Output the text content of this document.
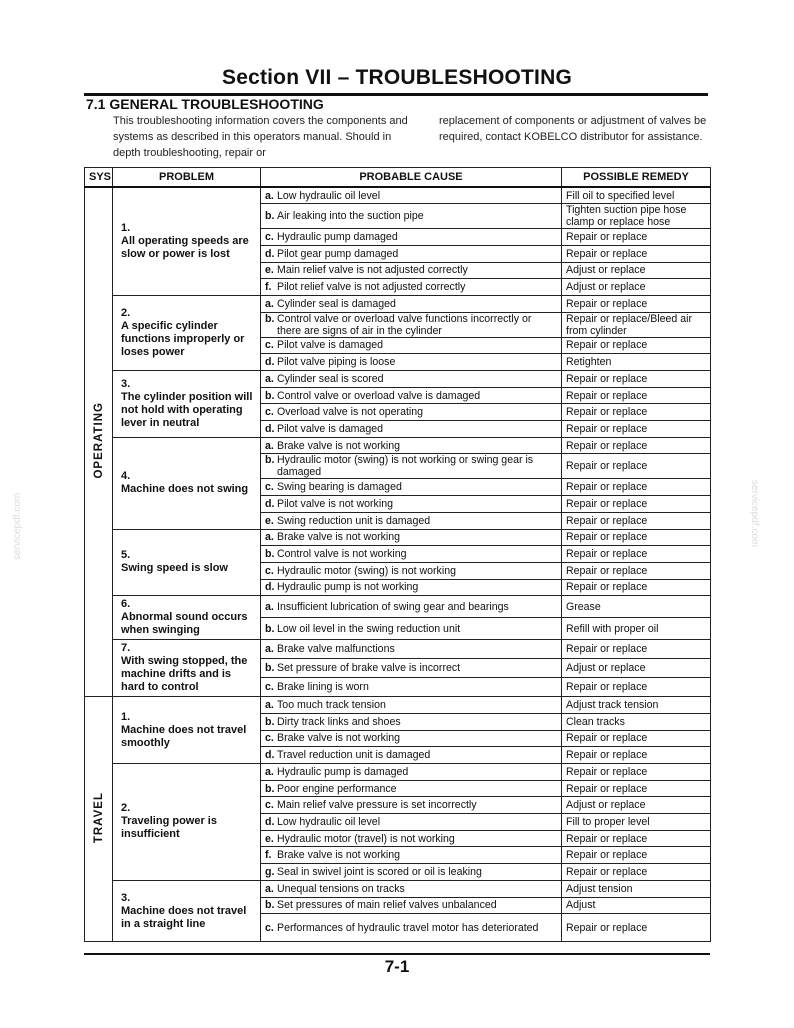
Section VII – TROUBLESHOOTING
7.1 GENERAL TROUBLESHOOTING
This troubleshooting information covers the components and systems as described in this operators manual. Should in depth troubleshooting, repair or
replacement of components or adjustment of valves be required, contact KOBELCO distributor for assistance.
SYS	PROBLEM	PROBABLE CAUSE	POSSIBLE REMEDY
OPERATING	1.All operating speeds are slow or power is lost	a. Low hydraulic oil level	Fill oil to specified level
		b. Air leaking into the suction pipe	Tighten suction pipe hose clamp or replace hose
		c. Hydraulic pump damaged	Repair or replace
		d. Pilot gear pump damaged	Repair or replace
		e. Main relief valve is not adjusted correctly	Adjust or replace
		f. Pilot relief valve is not adjusted correctly	Adjust or replace
	2.A specific cylinder functions improperly or loses power	a. Cylinder seal is damaged	Repair or replace
		b. Control valve or overload valve functions incorrectly or there are signs of air in the cylinder	Repair or replace/Bleed air from cylinder
		c. Pilot valve is damaged	Repair or replace
		d. Pilot valve piping is loose	Retighten
	3.The cylinder position will not hold with operating lever in neutral	a. Cylinder seal is scored	Repair or replace
		b. Control valve or overload valve is damaged	Repair or replace
		c. Overload valve is not operating	Repair or replace
		d. Pilot valve is damaged	Repair or replace
	4.Machine does not swing	a. Brake valve is not working	Repair or replace
		b. Hydraulic motor (swing) is not working or swing gear is damaged	Repair or replace
		c. Swing bearing is damaged	Repair or replace
		d. Pilot valve is not working	Repair or replace
		e. Swing reduction unit is damaged	Repair or replace
	5.Swing speed is slow	a. Brake valve is not working	Repair or replace
		b. Control valve is not working	Repair or replace
		c. Hydraulic motor (swing) is not working	Repair or replace
		d. Hydraulic pump is not working	Repair or replace
	6.Abnormal sound occurs when swinging	a. Insufficient lubrication of swing gear and bearings	Grease
		b. Low oil level in the swing reduction unit	Refill with proper oil
	7.With swing stopped, the machine drifts and is hard to control	a. Brake valve malfunctions	Repair or replace
		b. Set pressure of brake valve is incorrect	Adjust or replace
		c. Brake lining is worn	Repair or replace
TRAVEL	1.Machine does not travel smoothly	a. Too much track tension	Adjust track tension
		b. Dirty track links and shoes	Clean tracks
		c. Brake valve is not working	Repair or replace
		d. Travel reduction unit is damaged	Repair or replace
	2.Traveling power is insufficient	a. Hydraulic pump is damaged	Repair or replace
		b. Poor engine performance	Repair or replace
		c. Main relief valve pressure is set incorrectly	Adjust or replace
		d. Low hydraulic oil level	Fill to proper level
		e. Hydraulic motor (travel) is not working	Repair or replace
		f. Brake valve is not working	Repair or replace
		g. Seal in swivel joint is scored or oil is leaking	Repair or replace
	3.Machine does not travel in a straight line	a. Unequal tensions on tracks	Adjust tension
		b. Set pressures of main relief valves unbalanced	Adjust
		c. Performances of hydraulic travel motor has deteriorated	Repair or replace
7-1
servicepdf.com	servicepdf.com
